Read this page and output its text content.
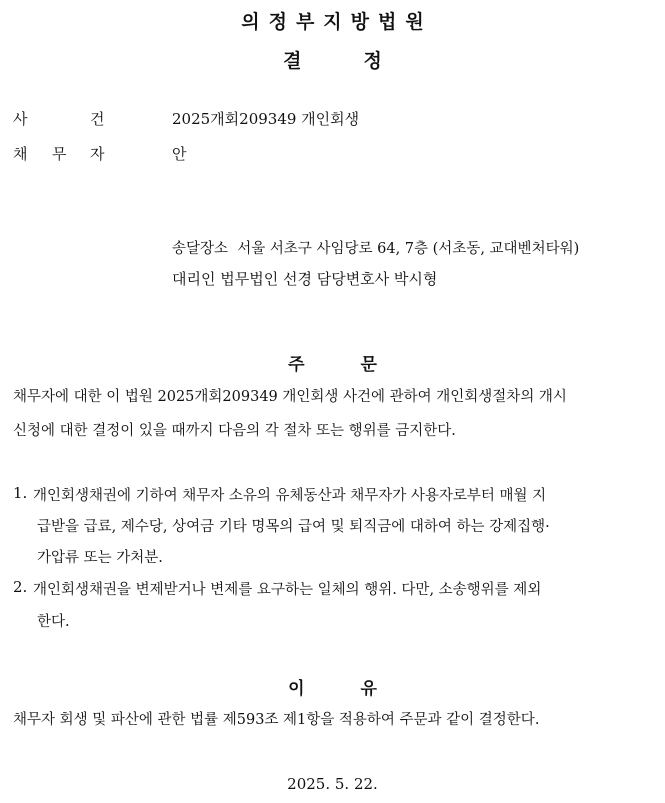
의정부지방법원
결	정
사	건	2025개회209349 개인회생
채 무 자	안
송달장소 서울 서초구 사임당로 64, 7층 (서초동, 교대벤처타워)
대리인 법무법인 선경 담당변호사 박시형
주	문
채무자에 대한 이 법원 2025개회209349 개인회생 사건에 관하여 개인회생절차의 개시
신청에 대한 결정이 있을 때까지 다음의 각 절차 또는 행위를 금지한다.
1. 개인회생채권에 기하여 채무자 소유의 유체동산과 채무자가 사용자로부터 매월 지
급받을 급료, 제수당, 상여금 기타 명목의 급여 및 퇴직금에 대하여 하는 강제집행·
가압류 또는 가처분.
2. 개인회생채권을 변제받거나 변제를 요구하는 일체의 행위. 다만, 소송행위를 제외
한다.
이	유
채무자 회생 및 파산에 관한 법률 제593조 제1항을 적용하여 주문과 같이 결정한다.
2025. 5. 22.
